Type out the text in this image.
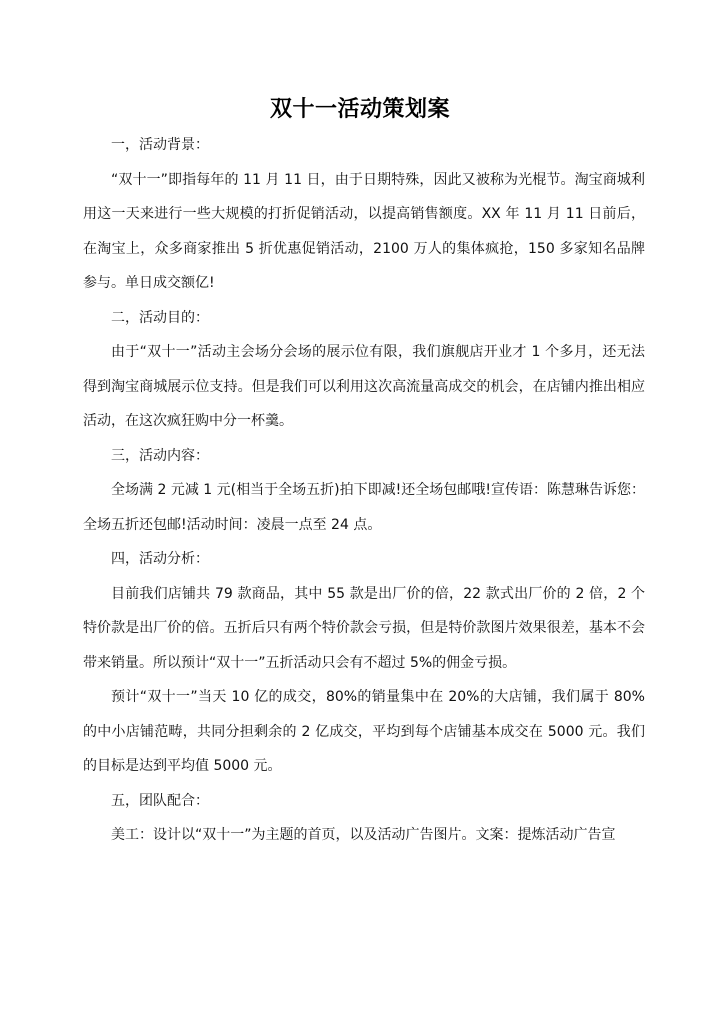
双十一活动策划案

一，活动背景：

“双十一”即指每年的 11 月 11 日，由于日期特殊，因此又被称为光棍节。淘宝商城利用这一天来进行一些大规模的打折促销活动，以提高销售额度。XX 年 11 月 11 日前后，在淘宝上，众多商家推出 5 折优惠促销活动，2100 万人的集体疯抢，150 多家知名品牌参与。单日成交额亿!

二，活动目的：

由于“双十一”活动主会场分会场的展示位有限，我们旗舰店开业才 1 个多月，还无法得到淘宝商城展示位支持。但是我们可以利用这次高流量高成交的机会，在店铺内推出相应活动，在这次疯狂购中分一杯羹。

三，活动内容：

全场满 2 元减 1 元(相当于全场五折)拍下即减!还全场包邮哦!宣传语：陈慧琳告诉您：全场五折还包邮!活动时间：凌晨一点至 24 点。

四，活动分析：

目前我们店铺共 79 款商品，其中 55 款是出厂价的倍，22 款式出厂价的 2 倍，2 个特价款是出厂价的倍。五折后只有两个特价款会亏损，但是特价款图片效果很差，基本不会带来销量。所以预计“双十一”五折活动只会有不超过 5%的佣金亏损。

预计“双十一”当天 10 亿的成交，80%的销量集中在 20%的大店铺，我们属于 80%的中小店铺范畴，共同分担剩余的 2 亿成交，平均到每个店铺基本成交在 5000 元。我们的目标是达到平均值 5000 元。

五，团队配合：

美工：设计以“双十一”为主题的首页，以及活动广告图片。文案：提炼活动广告宣
